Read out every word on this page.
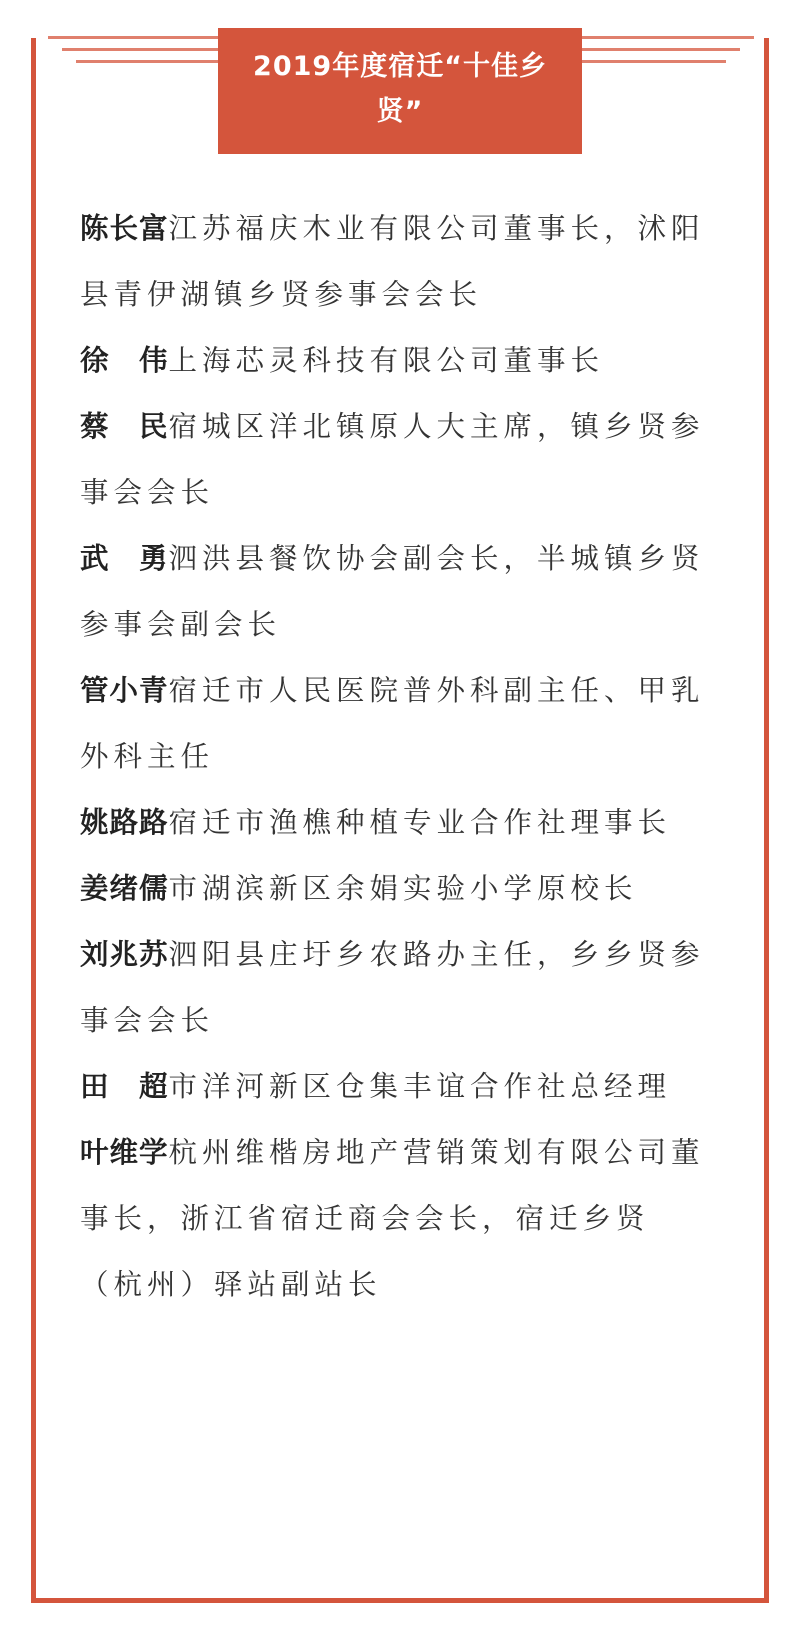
2019年度宿迁“十佳乡贤”
陈长富江苏福庆木业有限公司董事长，沭阳县青伊湖镇乡贤参事会会长
徐　伟上海芯灵科技有限公司董事长
蔡　民宿城区洋北镇原人大主席，镇乡贤参事会会长
武　勇泗洪县餐饮协会副会长，半城镇乡贤参事会副会长
管小青宿迁市人民医院普外科副主任、甲乳外科主任
姚路路宿迁市渔樵种植专业合作社理事长
姜绪儒市湖滨新区余娟实验小学原校长
刘兆苏泗阳县庄圩乡农路办主任，乡乡贤参事会会长
田　超市洋河新区仓集丰谊合作社总经理
叶维学杭州维楷房地产营销策划有限公司董事长，浙江省宿迁商会会长，宿迁乡贤（杭州）驿站副站长
